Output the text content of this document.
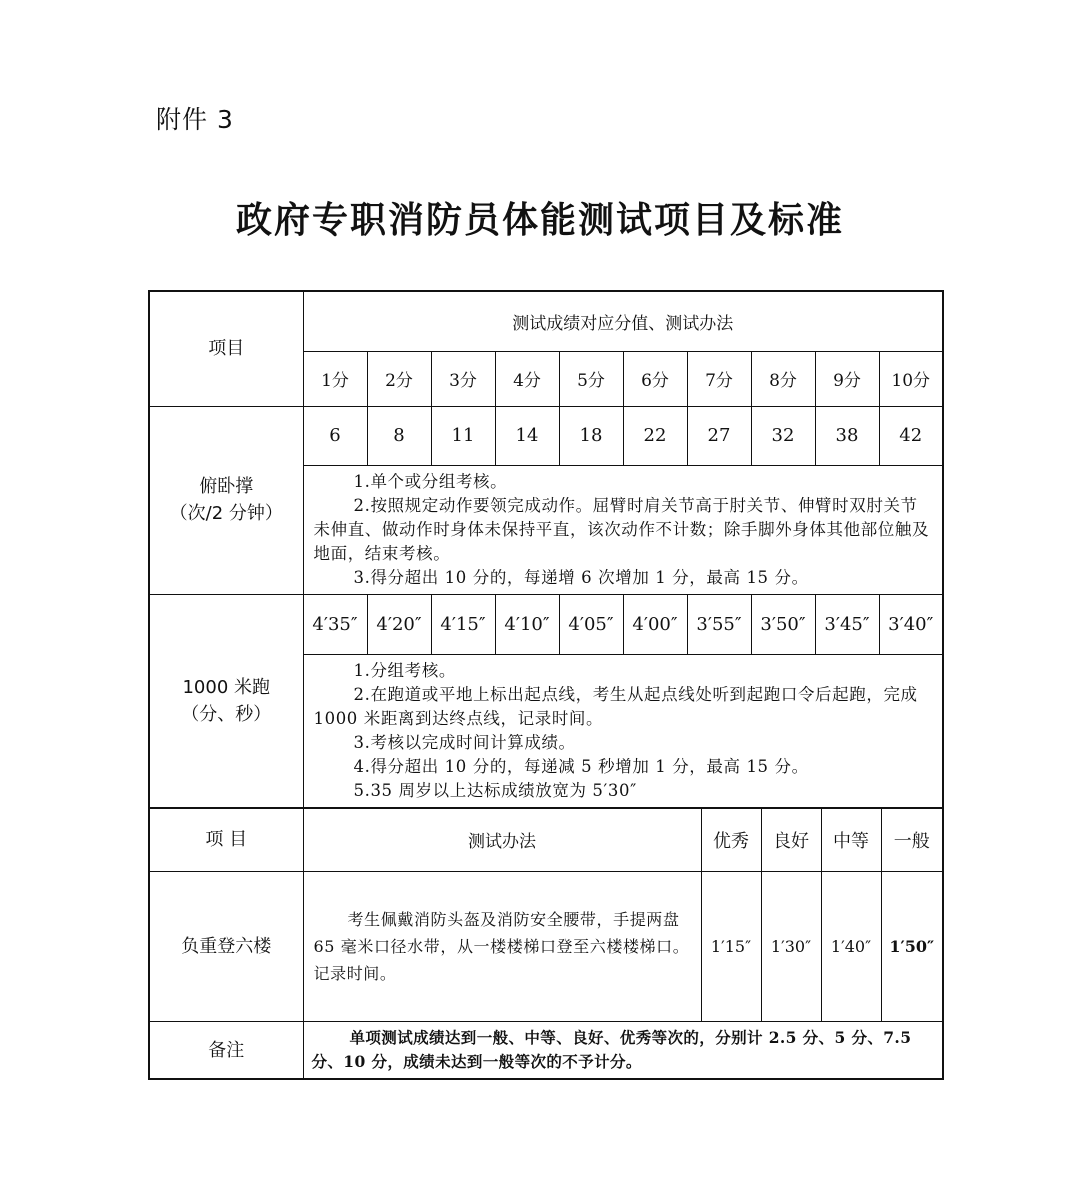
附件 3
政府专职消防员体能测试项目及标准
项目	测试成绩对应分值、测试办法									
	1分	2分	3分	4分	5分	6分	7分	8分	9分	10分

俯卧撑
（次/2 分钟）	6	8	11	14	18	22	27	32	38	42

	1.单个或分组考核。

2.按照规定动作要领完成动作。屈臂时肩关节高于肘关节、伸臂时双肘关节未伸直、做动作时身体未保持平直，该次动作不计数；除手脚外身体其他部位触及地面，结束考核。

3.得分超出 10 分的，每递增 6 次增加 1 分，最高 15 分。									

1000 米跑
（分、秒）	4′35″	4′20″	4′15″	4′10″	4′05″	4′00″	3′55″	3′50″	3′45″	3′40″

	1.分组考核。

2.在跑道或平地上标出起点线，考生从起点线处听到起跑口令后起跑，完成 1000 米距离到达终点线，记录时间。

3.考核以完成时间计算成绩。

4.得分超出 10 分的，每递减 5 秒增加 1 分，最高 15 分。

5.35 周岁以上达标成绩放宽为 5′30″									

项 目	测试办法	优秀	良好	中等	一般
负重登六楼	考生佩戴消防头盔及消防安全腰带，手提两盘 65 毫米口径水带，从一楼楼梯口登至六楼楼梯口。记录时间。	1′15″	1′30″	1′40″	1′50″
备注	单项测试成绩达到一般、中等、良好、优秀等次的，分别计 2.5 分、5 分、7.5 分、10 分，成绩未达到一般等次的不予计分。				
